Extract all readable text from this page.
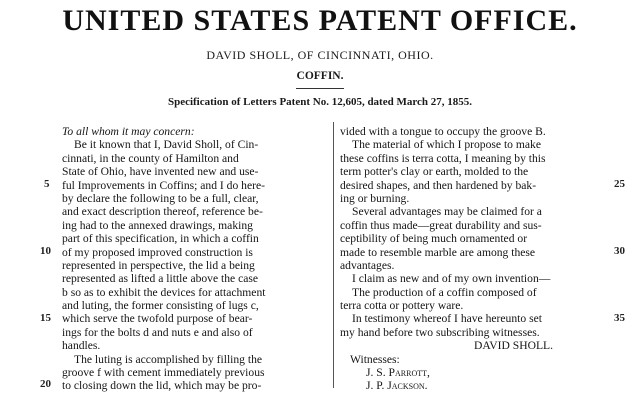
UNITED STATES PATENT OFFICE.
DAVID SHOLL, OF CINCINNATI, OHIO.
COFFIN.
Specification of Letters Patent No. 12,605, dated March 27, 1855.
To all whom it may concern:
Be it known that I, David Sholl, of Cin-
cinnati, in the county of Hamilton and
State of Ohio, have invented new and use-
ful Improvements in Coffins; and I do here-
by declare the following to be a full, clear,
and exact description thereof, reference be-
ing had to the annexed drawings, making
part of this specification, in which a coffin
of my proposed improved construction is
represented in perspective, the lid a being
represented as lifted a little above the case
b so as to exhibit the devices for attachment
and luting, the former consisting of lugs c,
which serve the twofold purpose of bear-
ings for the bolts d and nuts e and also of
handles.
The luting is accomplished by filling the
groove f with cement immediately previous
to closing down the lid, which may be pro-
5
10
15
20
vided with a tongue to occupy the groove B.
The material of which I propose to make
these coffins is terra cotta, I meaning by this
term potter's clay or earth, molded to the
desired shapes, and then hardened by bak-
ing or burning.
Several advantages may be claimed for a
coffin thus made—great durability and sus-
ceptibility of being much ornamented or
made to resemble marble are among these
advantages.
I claim as new and of my own invention—
The production of a coffin composed of
terra cotta or pottery ware.
In testimony whereof I have hereunto set
my hand before two subscribing witnesses.
DAVID SHOLL.
Witnesses:
J. S. Parrott,
J. P. Jackson.
25
30
35
